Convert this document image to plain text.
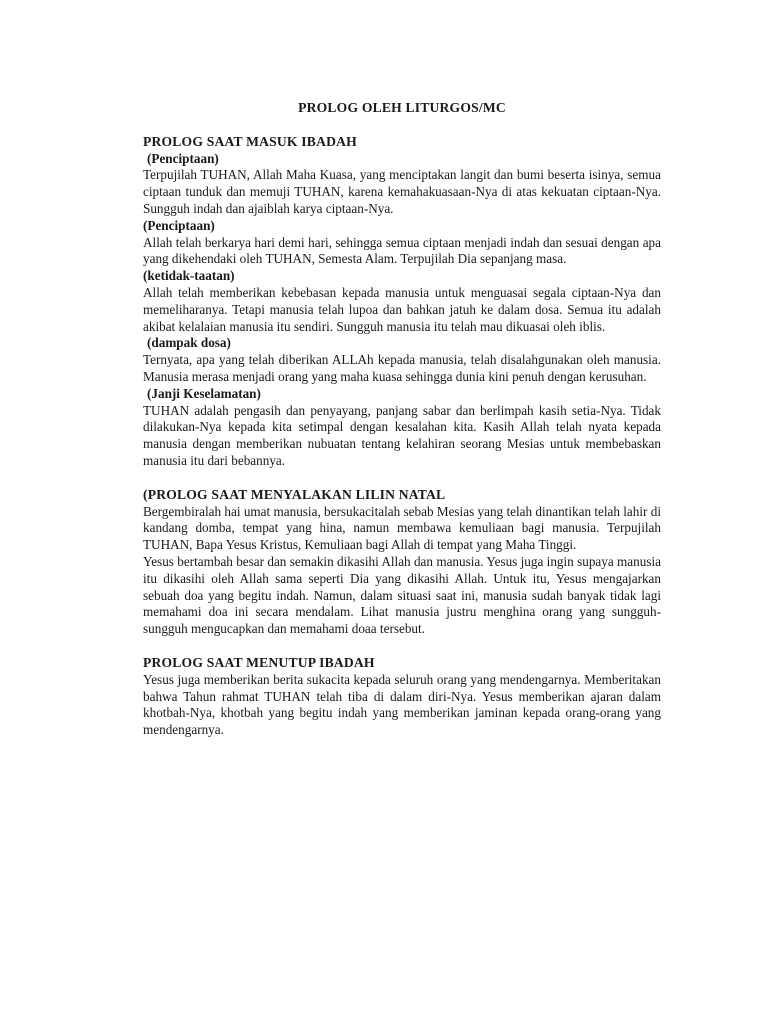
PROLOG OLEH LITURGOS/MC
PROLOG SAAT MASUK IBADAH

(Penciptaan)

Terpujilah TUHAN, Allah Maha Kuasa, yang menciptakan langit dan bumi beserta isinya, semua ciptaan tunduk dan memuji TUHAN, karena kemahakuasaan-Nya di atas kekuatan ciptaan-Nya. Sungguh indah dan ajaiblah karya ciptaan-Nya.

(Penciptaan)

Allah telah berkarya hari demi hari, sehingga semua ciptaan menjadi indah dan sesuai dengan apa yang dikehendaki oleh TUHAN, Semesta Alam. Terpujilah Dia sepanjang masa.

(ketidak-taatan)

Allah telah memberikan kebebasan kepada manusia untuk menguasai segala ciptaan-Nya dan memeliharanya. Tetapi manusia telah lupoa dan bahkan jatuh ke dalam dosa. Semua itu adalah akibat kelalaian manusia itu sendiri. Sungguh manusia itu telah mau dikuasai oleh iblis.

(dampak dosa)

Ternyata, apa yang telah diberikan ALLAh kepada manusia, telah disalahgunakan oleh manusia. Manusia merasa menjadi orang yang maha kuasa sehingga dunia kini penuh dengan kerusuhan.

(Janji Keselamatan)

TUHAN adalah pengasih dan penyayang, panjang sabar dan berlimpah kasih setia-Nya. Tidak dilakukan-Nya kepada kita setimpal dengan kesalahan kita. Kasih Allah telah nyata kepada manusia dengan memberikan nubuatan tentang kelahiran seorang Mesias untuk membebaskan manusia itu dari bebannya.

(PROLOG SAAT MENYALAKAN LILIN NATAL

Bergembiralah hai umat manusia, bersukacitalah sebab Mesias yang telah dinantikan telah lahir di kandang domba, tempat yang hina, namun membawa kemuliaan bagi manusia. Terpujilah TUHAN, Bapa Yesus Kristus, Kemuliaan bagi Allah di tempat yang Maha Tinggi.

Yesus bertambah besar dan semakin dikasihi Allah dan manusia. Yesus juga ingin supaya manusia itu dikasihi oleh Allah sama seperti Dia yang dikasihi Allah. Untuk itu, Yesus mengajarkan sebuah doa yang begitu indah. Namun, dalam situasi saat ini, manusia sudah banyak tidak lagi memahami doa ini secara mendalam. Lihat manusia justru menghina orang yang sungguh-sungguh mengucapkan dan memahami doaa tersebut.

PROLOG SAAT MENUTUP IBADAH

Yesus juga memberikan berita sukacita kepada seluruh orang yang mendengarnya. Memberitakan bahwa Tahun rahmat TUHAN telah tiba di dalam diri-Nya. Yesus memberikan ajaran dalam khotbah-Nya, khotbah yang begitu indah yang memberikan jaminan kepada orang-orang yang mendengarnya.
